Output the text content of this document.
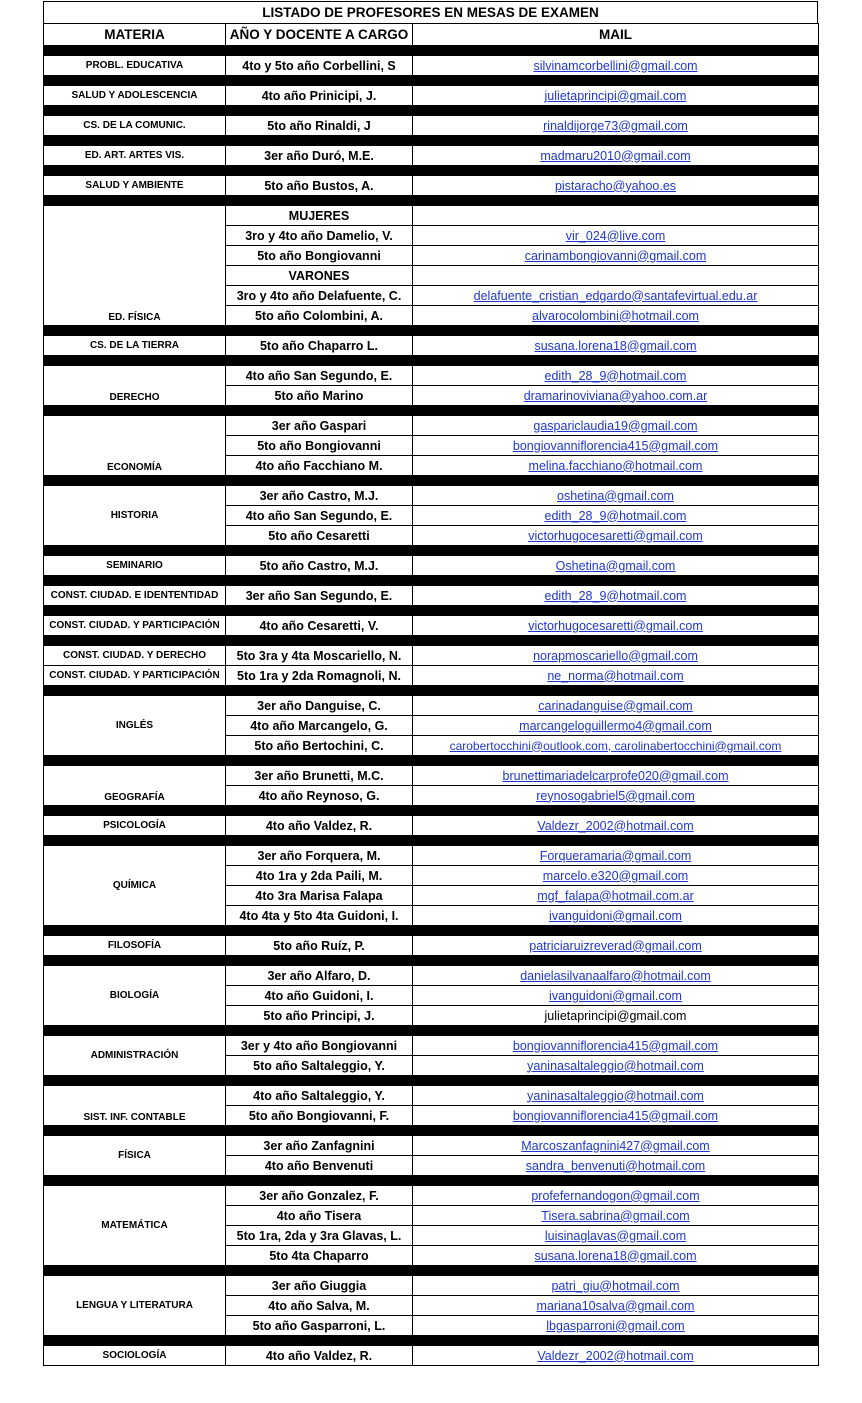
LISTADO DE PROFESORES EN MESAS DE EXAMEN
MATERIA	AÑO Y DOCENTE A CARGO	MAIL

PROBL. EDUCATIVA	4to y 5to año Corbellini, S	silvinamcorbellini@gmail.com

SALUD Y ADOLESCENCIA	4to año Prinicipi, J.	julietaprincipi@gmail.com

CS. DE LA COMUNIC.	5to año Rinaldi, J	rinaldijorge73@gmail.com

ED. ART. ARTES VIS.	3er año Duró, M.E.	madmaru2010@gmail.com

SALUD Y AMBIENTE	5to año Bustos, A.	pistaracho@yahoo.es

ED. FÍSICA	MUJERES	
	3ro y 4to año Damelio, V.	vir_024@live.com
	5to año Bongiovanni	carinambongiovanni@gmail.com
	VARONES	
	3ro y 4to año Delafuente, C.	delafuente_cristian_edgardo@santafevirtual.edu.ar
	5to año Colombini, A.	alvarocolombini@hotmail.com

CS. DE LA TIERRA	5to año Chaparro L.	susana.lorena18@gmail.com

DERECHO	4to año San Segundo, E.	edith_28_9@hotmail.com
	5to año Marino	dramarinoviviana@yahoo.com.ar

ECONOMÍA	3er año Gaspari	gaspariclaudia19@gmail.com
	5to año Bongiovanni	bongiovanniflorencia415@gmail.com
	4to año Facchiano M.	melina.facchiano@hotmail.com

HISTORIA	3er año Castro, M.J.	oshetina@gmail.com
	4to año San Segundo, E.	edith_28_9@hotmail.com
	5to año Cesaretti	victorhugocesaretti@gmail.com

SEMINARIO	5to año Castro, M.J.	Oshetina@gmail.com

CONST. CIUDAD. E IDENTENTIDAD	3er año San Segundo, E.	edith_28_9@hotmail.com

CONST. CIUDAD. Y PARTICIPACIÓN	4to año Cesaretti, V.	victorhugocesaretti@gmail.com

CONST. CIUDAD. Y DERECHO	5to 3ra y 4ta Moscariello, N.	norapmoscariello@gmail.com
CONST. CIUDAD. Y PARTICIPACIÓN	5to 1ra y 2da Romagnoli, N.	ne_norma@hotmail.com

INGLÉS	3er año Danguise, C.	carinadanguise@gmail.com
	4to año Marcangelo, G.	marcangeloguillermo4@gmail.com
	5to año Bertochini, C.	carobertocchini@outlook.com, carolinabertocchini@gmail.com

GEOGRAFÍA	3er año Brunetti, M.C.	brunettimariadelcarprofe020@gmail.com
	4to año Reynoso, G.	reynosogabriel5@gmail.com

PSICOLOGÍA	4to año Valdez, R.	Valdezr_2002@hotmail.com

QUÍMICA	3er año Forquera, M.	Forqueramaria@gmail.com
	4to 1ra y 2da Paili, M.	marcelo.e320@gmail.com
	4to 3ra Marisa Falapa	mgf_falapa@hotmail.com.ar
	4to 4ta y 5to 4ta Guidoni, I.	ivanguidoni@gmail.com

FILOSOFÍA	5to año Ruíz, P.	patriciaruizreverad@gmail.com

BIOLOGÍA	3er año Alfaro, D.	danielasilvanaalfaro@hotmail.com
	4to año Guidoni, I.	ivanguidoni@gmail.com
	5to año Principi, J.	julietaprincipi@gmail.com

ADMINISTRACIÓN	3er y 4to año Bongiovanni	bongiovanniflorencia415@gmail.com
	5to año Saltaleggio, Y.	yaninasaltaleggio@hotmail.com

SIST. INF. CONTABLE	4to año Saltaleggio, Y.	yaninasaltaleggio@hotmail.com
	5to año Bongiovanni, F.	bongiovanniflorencia415@gmail.com

FÍSICA	3er año Zanfagnini	Marcoszanfagnini427@gmail.com
	4to año Benvenuti	sandra_benvenuti@hotmail.com

MATEMÁTICA	3er año Gonzalez, F.	profefernandogon@gmail.com
	4to año Tisera	Tisera.sabrina@gmail.com
	5to 1ra, 2da y 3ra Glavas, L.	luisinaglavas@gmail.com
	5to 4ta Chaparro	susana.lorena18@gmail.com

LENGUA Y LITERATURA	3er año Giuggia	patri_giu@hotmail.com
	4to año Salva, M.	mariana10salva@gmail.com
	5to año Gasparroni, L.	lbgasparroni@gmail.com

SOCIOLOGÍA	4to año Valdez, R.	Valdezr_2002@hotmail.com
